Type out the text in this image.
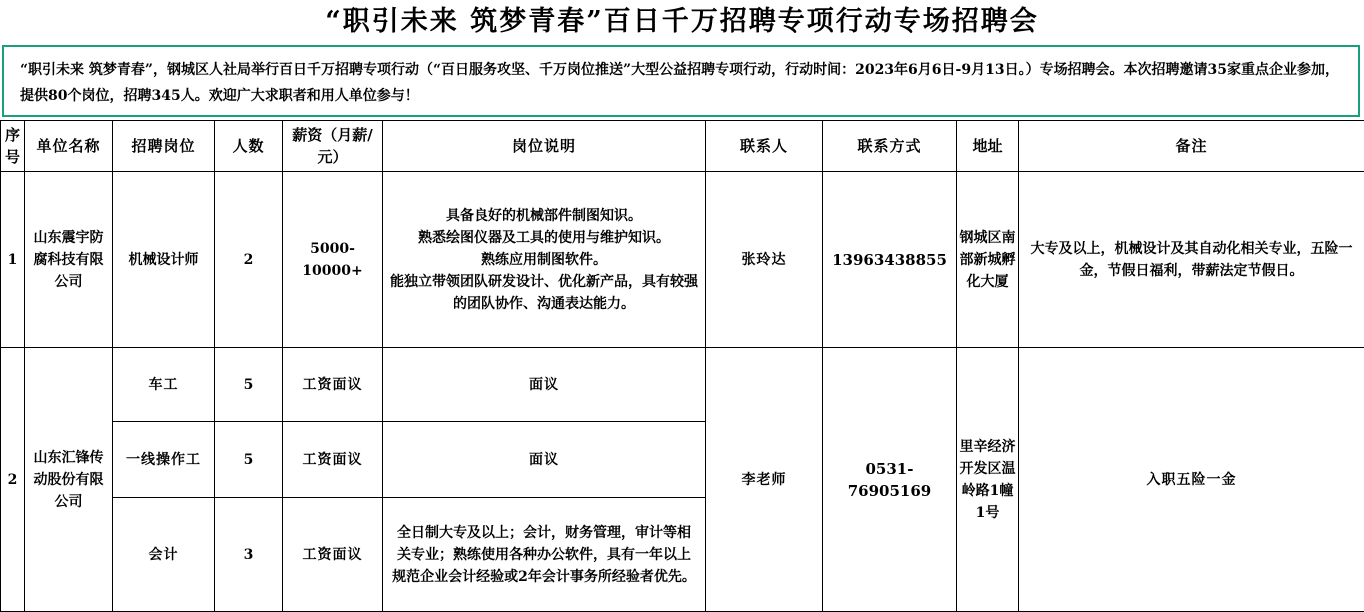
“职引未来 筑梦青春”百日千万招聘专项行动专场招聘会
“职引未来 筑梦青春”，钢城区人社局举行百日千万招聘专项行动（“百日服务攻坚、千万岗位推送”大型公益招聘专项行动，行动时间：2023年6月6日-9月13日。）专场招聘会。本次招聘邀请35家重点企业参加，提供80个岗位，招聘345人。欢迎广大求职者和用人单位参与！
序号	单位名称	招聘岗位	人数	薪资（月薪/元）	岗位说明	联系人	联系方式	地址	备注
1	山东震宇防腐科技有限公司	机械设计师	2	5000-10000+	具备良好的机械部件制图知识。
熟悉绘图仪器及工具的使用与维护知识。
熟练应用制图软件。
能独立带领团队研发设计、优化新产品，具有较强的团队协作、沟通表达能力。	张玲达	13963438855	钢城区南部新城孵化大厦	大专及以上，机械设计及其自动化相关专业，五险一金，节假日福利，带薪法定节假日。
2	山东汇锋传动股份有限公司	车工	5	工资面议	面议	李老师	0531-76905169	里辛经济开发区温岭路1幢1号	入职五险一金
		一线操作工	5	工资面议	面议				
		会计	3	工资面议	全日制大专及以上；会计，财务管理，审计等相关专业；熟练使用各种办公软件，具有一年以上规范企业会计经验或2年会计事务所经验者优先。				
